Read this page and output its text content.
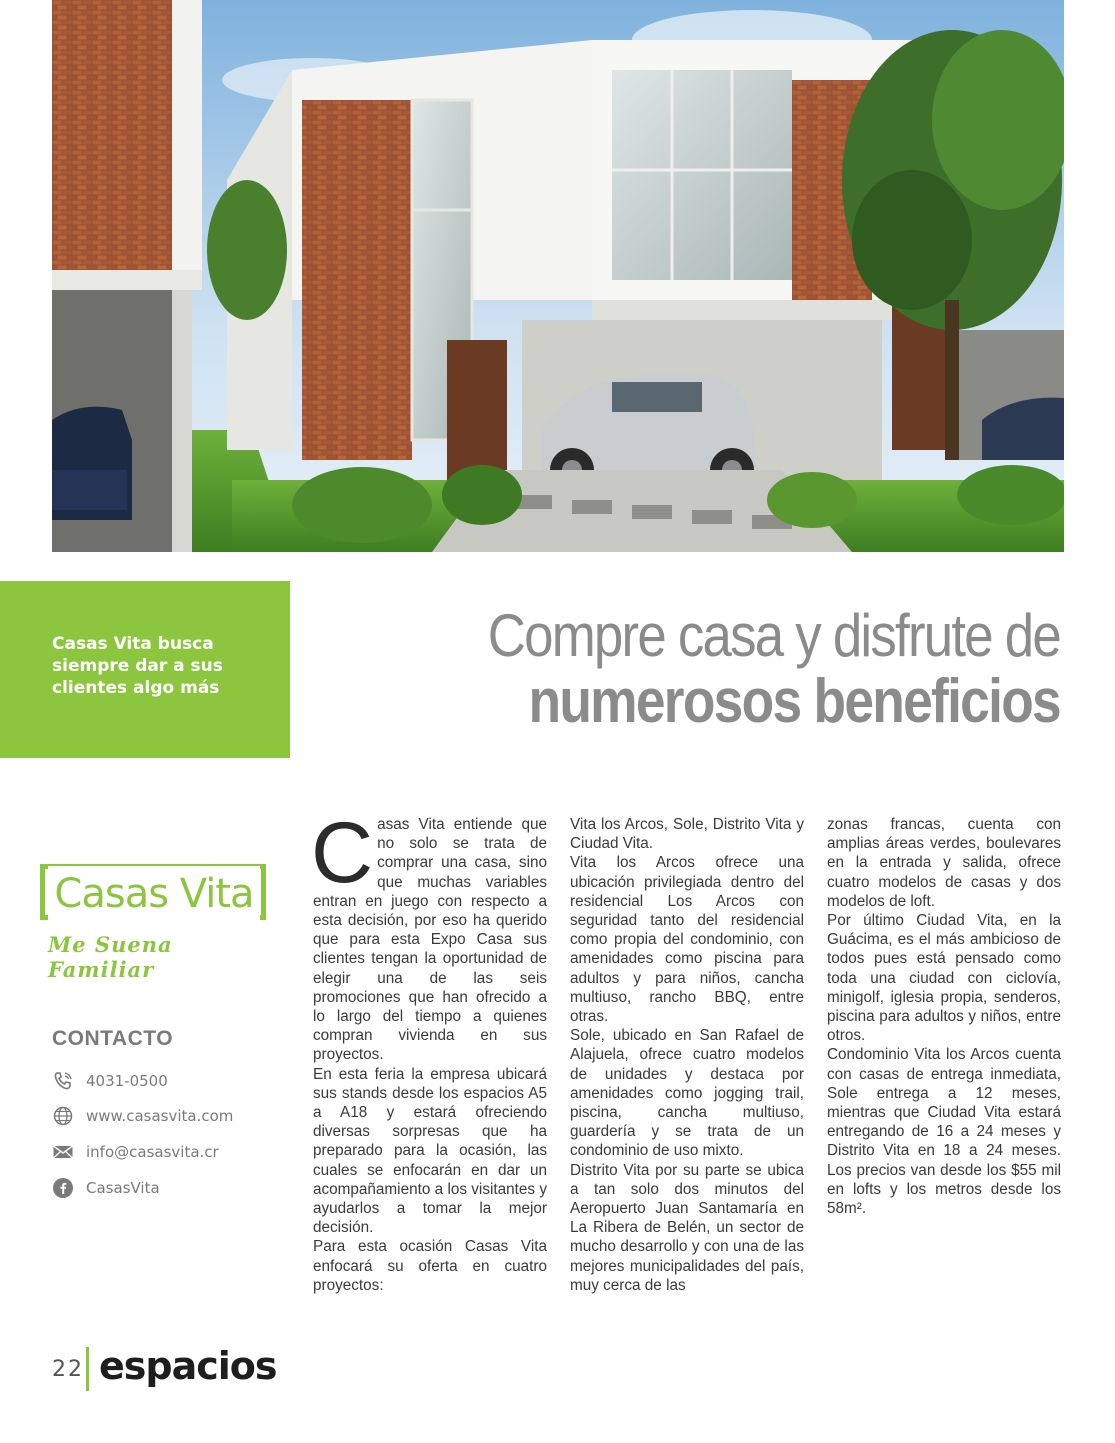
Casas Vita busca siempre dar a sus clientes algo más
Compre casa y disfrute de
numerosos beneficios
Casas Vita
Me Suena Familiar
CONTACTO
4031-0500
www.casasvita.com
info@casasvita.cr
CasasVita

Casas Vita entiende que no solo se trata de comprar una casa, sino que muchas variables entran en juego con respecto a esta decisión, por eso ha querido que para esta Expo Casa sus clientes tengan la oportunidad de elegir una de las seis promociones que han ofrecido a lo largo del tiempo a quienes compran vivienda en sus proyectos.

En esta feria la empresa ubicará sus stands desde los espacios A5 a A18 y estará ofreciendo diversas sorpresas que ha preparado para la ocasión, las cuales se enfocarán en dar un acompañamiento a los visitantes y ayudarlos a tomar la mejor decisión.

Para esta ocasión Casas Vita enfocará su oferta en cuatro proyectos:

Vita los Arcos, Sole, Distrito Vita y Ciudad Vita.

Vita los Arcos ofrece una ubicación privilegiada dentro del residencial Los Arcos con seguridad tanto del residencial como propia del condominio, con amenidades como piscina para adultos y para niños, cancha multiuso, rancho BBQ, entre otras.

Sole, ubicado en San Rafael de Alajuela, ofrece cuatro modelos de unidades y destaca por amenidades como jogging trail, piscina, cancha multiuso, guardería y se trata de un condominio de uso mixto.

Distrito Vita por su parte se ubica a tan solo dos minutos del Aeropuerto Juan Santamaría en La Ribera de Belén, un sector de mucho desarrollo y con una de las mejores municipalidades del país, muy cerca de las

zonas francas, cuenta con amplias áreas verdes, boulevares en la entrada y salida, ofrece cuatro modelos de casas y dos modelos de loft.

Por último Ciudad Vita, en la Guácima, es el más ambicioso de todos pues está pensado como toda una ciudad con ciclovía, minigolf, iglesia propia, senderos, piscina para adultos y niños, entre otros.

Condominio Vita los Arcos cuenta con casas de entrega inmediata, Sole entrega a 12 meses, mientras que Ciudad Vita estará entregando de 16 a 24 meses y Distrito Vita en 18 a 24 meses. Los precios van desde los $55 mil en lofts y los metros desde los 58m².

22 espacios
